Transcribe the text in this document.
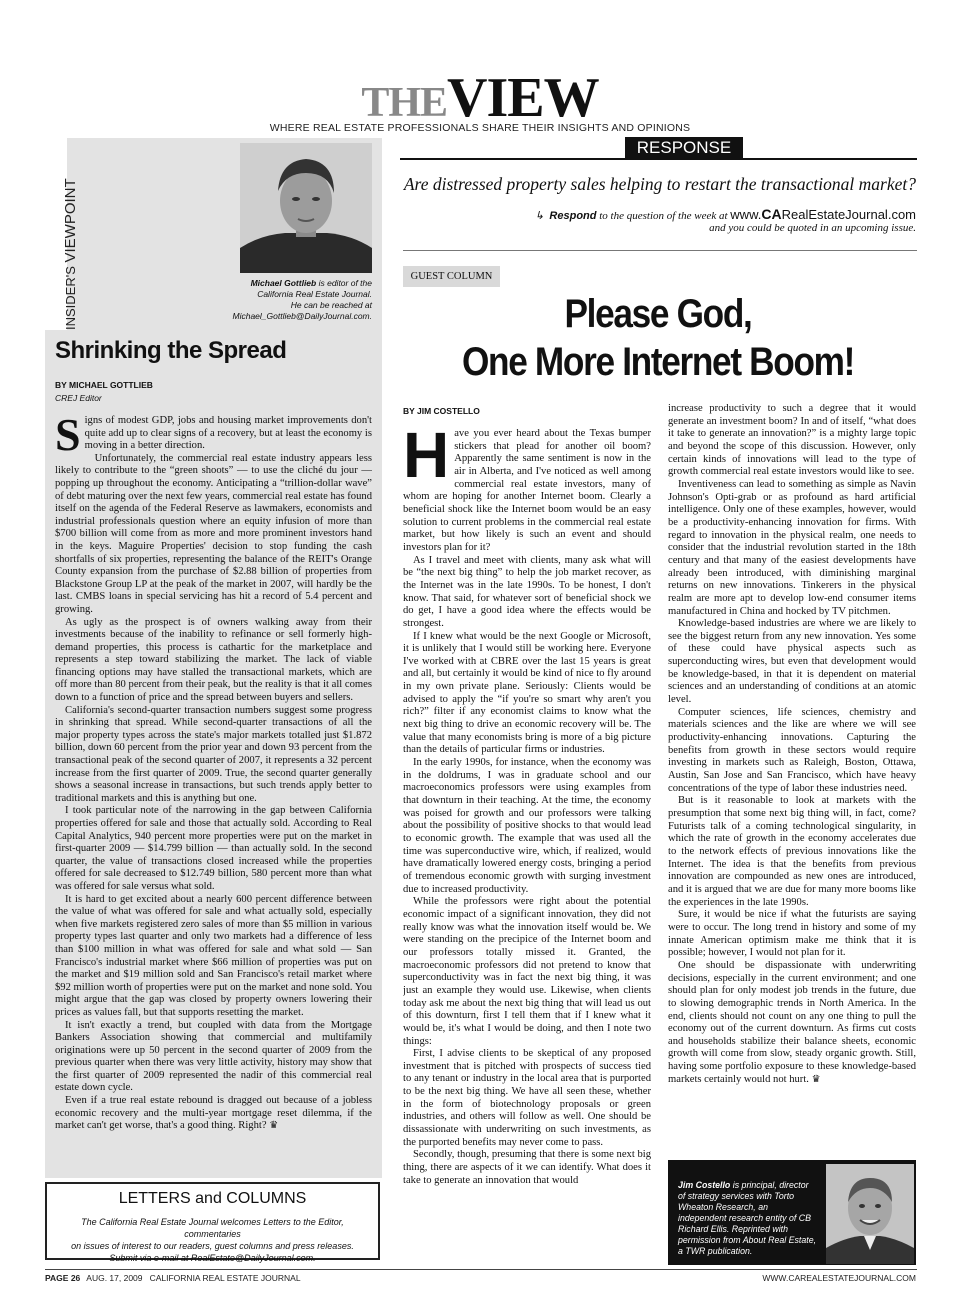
THEVIEW
WHERE REAL ESTATE PROFESSIONALS SHARE THEIR INSIGHTS AND OPINIONS
INSIDER'S VIEWPOINT
Michael Gottlieb is editor of the
California Real Estate Journal.
He can be reached at
Michael_Gottlieb@DailyJournal.com.
Shrinking the Spread
BY MICHAEL GOTTLIEB
CREJ Editor

Signs of modest GDP, jobs and housing market improvements don't quite add up to clear signs of a recovery, but at least the economy is moving in a better direction.

Unfortunately, the commercial real estate industry appears less likely to contribute to the “green shoots” — to use the cliché du jour — popping up throughout the economy. Anticipating a “trillion-dollar wave” of debt maturing over the next few years, commercial real estate has found itself on the agenda of the Federal Reserve as lawmakers, economists and industrial professionals question where an equity infusion of more than $700 billion will come from as more and more prominent investors hand in the keys. Maguire Properties' decision to stop funding the cash shortfalls of six properties, representing the balance of the REIT's Orange County expansion from the purchase of $2.88 billion of properties from Blackstone Group LP at the peak of the market in 2007, will hardly be the last. CMBS loans in special servicing has hit a record of 5.4 percent and growing.

As ugly as the prospect is of owners walking away from their investments because of the inability to refinance or sell formerly high-demand properties, this process is cathartic for the marketplace and represents a step toward stabilizing the market. The lack of viable financing options may have stalled the transactional markets, which are off more than 80 percent from their peak, but the reality is that it all comes down to a function of price and the spread between buyers and sellers.

California's second-quarter transaction numbers suggest some progress in shrinking that spread. While second-quarter transactions of all the major property types across the state's major markets totalled just $1.872 billion, down 60 percent from the prior year and down 93 percent from the transactional peak of the second quarter of 2007, it represents a 32 percent increase from the first quarter of 2009. True, the second quarter generally shows a seasonal increase in transactions, but such trends apply better to traditional markets and this is anything but one.

I took particular note of the narrowing in the gap between California properties offered for sale and those that actually sold. According to Real Capital Analytics, 940 percent more properties were put on the market in first-quarter 2009 — $14.799 billion — than actually sold. In the second quarter, the value of transactions closed increased while the properties offered for sale decreased to $12.749 billion, 580 percent more than what was offered for sale versus what sold.

It is hard to get excited about a nearly 600 percent difference between the value of what was offered for sale and what actually sold, especially when five markets registered zero sales of more than $5 million in various property types last quarter and only two markets had a difference of less than $100 million in what was offered for sale and what sold — San Francisco's industrial market where $66 million of properties was put on the market and $19 million sold and San Francisco's retail market where $92 million worth of properties were put on the market and none sold. You might argue that the gap was closed by property owners lowering their prices as values fall, but that supports resetting the market.

It isn't exactly a trend, but coupled with data from the Mortgage Bankers Association showing that commercial and multifamily originations were up 50 percent in the second quarter of 2009 from the previous quarter when there was very little activity, history may show that the first quarter of 2009 represented the nadir of this commercial real estate down cycle.

Even if a true real estate rebound is dragged out because of a jobless economic recovery and the multi-year mortgage reset dilemma, if the market can't get worse, that's a good thing. Right? ♛

LETTERS and COLUMNS
The California Real Estate Journal welcomes Letters to the Editor, commentaries
on issues of interest to our readers, guest columns and press releases.
Submit via e-mail at RealEstate@DailyJournal.com.
RESPONSE
Are distressed property sales helping to restart the transactional market?
↳ Respond to the question of the week at www.CARealEstateJournal.com
and you could be quoted in an upcoming issue.
GUEST COLUMN
Please God,
One More Internet Boom!
BY JIM COSTELLO

Have you ever heard about the Texas bumper stickers that plead for another oil boom? Apparently the same sentiment is now in the air in Alberta, and I've noticed as well among commercial real estate investors, many of whom are hoping for another Internet boom. Clearly a beneficial shock like the Internet boom would be an easy solution to current problems in the commercial real estate market, but how likely is such an event and should investors plan for it?

As I travel and meet with clients, many ask what will be “the next big thing” to help the job market recover, as the Internet was in the late 1990s. To be honest, I don't know. That said, for whatever sort of beneficial shock we do get, I have a good idea where the effects would be strongest.

If I knew what would be the next Google or Microsoft, it is unlikely that I would still be working here. Everyone I've worked with at CBRE over the last 15 years is great and all, but certainly it would be kind of nice to fly around in my own private plane. Seriously: Clients would be advised to apply the “if you're so smart why aren't you rich?” filter if any economist claims to know what the next big thing to drive an economic recovery will be. The value that many economists bring is more of a big picture than the details of particular firms or industries.

In the early 1990s, for instance, when the economy was in the doldrums, I was in graduate school and our macroeconomics professors were using examples from that downturn in their teaching. At the time, the economy was poised for growth and our professors were talking about the possibility of positive shocks to that would lead to economic growth. The example that was used all the time was superconductive wire, which, if realized, would have dramatically lowered energy costs, bringing a period of tremendous economic growth with surging investment due to increased productivity.

While the professors were right about the potential economic impact of a significant innovation, they did not really know was what the innovation itself would be. We were standing on the precipice of the Internet boom and our professors totally missed it. Granted, the macroeconomic professors did not pretend to know that superconductivity was in fact the next big thing, it was just an example they would use. Likewise, when clients today ask me about the next big thing that will lead us out of this downturn, first I tell them that if I knew what it would be, it's what I would be doing, and then I note two things:

First, I advise clients to be skeptical of any proposed investment that is pitched with prospects of success tied to any tenant or industry in the local area that is purported to be the next big thing. We have all seen these, whether in the form of biotechnology proposals or green industries, and others will follow as well. One should be dissassionate with underwriting on such investments, as the purported benefits may never come to pass.

Secondly, though, presuming that there is some next big thing, there are aspects of it we can identify. What does it take to generate an innovation that would

increase productivity to such a degree that it would generate an investment boom? In and of itself, “what does it take to generate an innovation?” is a mighty large topic and beyond the scope of this discussion. However, only certain kinds of innovations will lead to the type of growth commercial real estate investors would like to see.

Inventiveness can lead to something as simple as Navin Johnson's Opti-grab or as profound as hard artificial intelligence. Only one of these examples, however, would be a productivity-enhancing innovation for firms. With regard to innovation in the physical realm, one needs to consider that the industrial revolution started in the 18th century and that many of the easiest developments have already been introduced, with diminishing marginal returns on new innovations. Tinkerers in the physical realm are more apt to develop low-end consumer items manufactured in China and hocked by TV pitchmen.

Knowledge-based industries are where we are likely to see the biggest return from any new innovation. Yes some of these could have physical aspects such as superconducting wires, but even that development would be knowledge-based, in that it is dependent on material sciences and an understanding of conditions at an atomic level.

Computer sciences, life sciences, chemistry and materials sciences and the like are where we will see productivity-enhancing innovations. Capturing the benefits from growth in these sectors would require investing in markets such as Raleigh, Boston, Ottawa, Austin, San Jose and San Francisco, which have heavy concentrations of the type of labor these industries need.

But is it reasonable to look at markets with the presumption that some next big thing will, in fact, come? Futurists talk of a coming technological singularity, in which the rate of growth in the economy accelerates due to the network effects of previous innovations like the Internet. The idea is that the benefits from previous innovation are compounded as new ones are introduced, and it is argued that we are due for many more booms like the experiences in the late 1990s.

Sure, it would be nice if what the futurists are saying were to occur. The long trend in history and some of my innate American optimism make me think that it is possible; however, I would not plan for it.

One should be dispassionate with underwriting decisions, especially in the current environment; and one should plan for only modest job trends in the future, due to slowing demographic trends in North America. In the end, clients should not count on any one thing to pull the economy out of the current downturn. As firms cut costs and households stabilize their balance sheets, economic growth will come from slow, steady organic growth. Still, having some portfolio exposure to these knowledge-based markets certainly would not hurt. ♛

Jim Costello is principal, director of strategy services with Torto Wheaton Research, an independent research entity of CB Richard Ellis. Reprinted with permission from About Real Estate, a TWR publication.
PAGE 26 AUG. 17, 2009   CALIFORNIA REAL ESTATE JOURNAL	WWW.CAREALESTATEJOURNAL.COM
